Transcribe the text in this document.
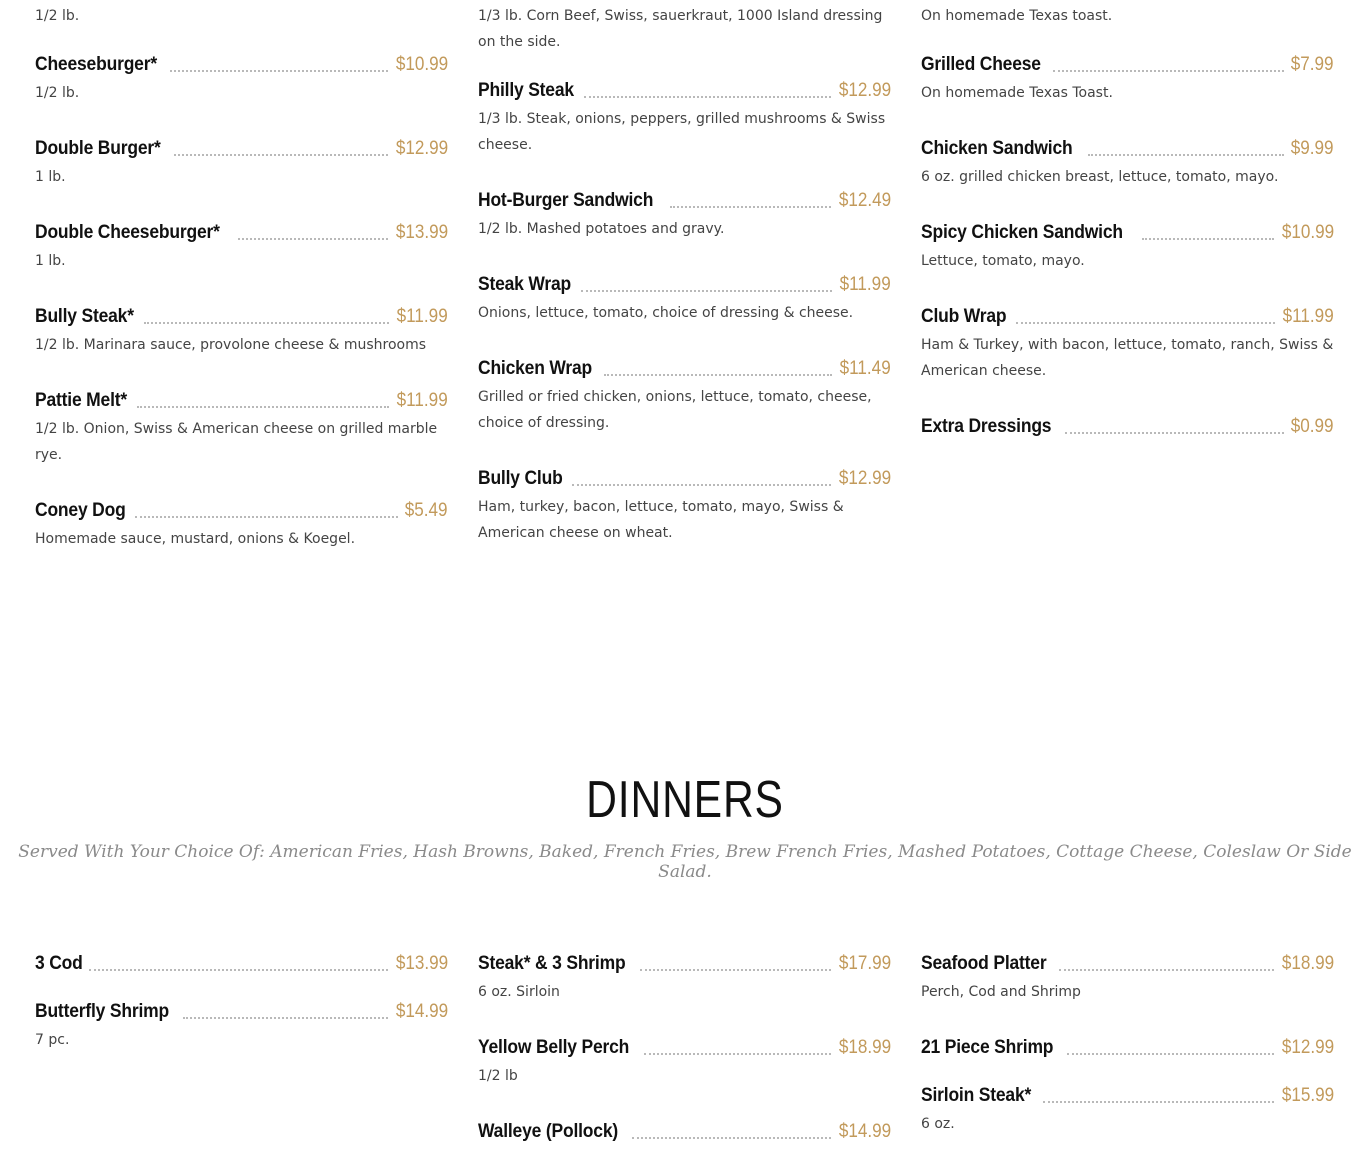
1/2 lb.	1/3 lb. Corn Beef, Swiss, sauerkraut, 1000 Island dressing on the side.
On homemade Texas toast.
Cheeseburger*	$10.99
1/2 lb.
Double Burger*	$12.99
1 lb.
Double Cheeseburger*	$13.99
1 lb.
Bully Steak*	$11.99
1/2 lb. Marinara sauce, provolone cheese & mushrooms
Pattie Melt*	$11.99
1/2 lb. Onion, Swiss & American cheese on grilled marble rye.
Coney Dog	$5.49
Homemade sauce, mustard, onions & Koegel.
Philly Steak	$12.99
1/3 lb. Steak, onions, peppers, grilled mushrooms & Swiss cheese.
Hot-Burger Sandwich	$12.49
1/2 lb. Mashed potatoes and gravy.
Steak Wrap	$11.99
Onions, lettuce, tomato, choice of dressing & cheese.
Chicken Wrap	$11.49
Grilled or fried chicken, onions, lettuce, tomato, cheese, choice of dressing.
Bully Club	$12.99
Ham, turkey, bacon, lettuce, tomato, mayo, Swiss & American cheese on wheat.
Grilled Cheese	$7.99
On homemade Texas Toast.
Chicken Sandwich	$9.99
6 oz. grilled chicken breast, lettuce, tomato, mayo.
Spicy Chicken Sandwich	$10.99
Lettuce, tomato, mayo.
Club Wrap	$11.99
Ham & Turkey, with bacon, lettuce, tomato, ranch, Swiss & American cheese.
Extra Dressings	$0.99
DINNERS
Served With Your Choice Of: American Fries, Hash Browns, Baked, French Fries, Brew French Fries, Mashed Potatoes, Cottage Cheese, Coleslaw Or Side Salad.
3 Cod	$13.99
Butterfly Shrimp	$14.99
7 pc.
Steak* & 3 Shrimp	$17.99
6 oz. Sirloin
Yellow Belly Perch	$18.99
1/2 lb
Walleye (Pollock)	$14.99
Seafood Platter	$18.99
Perch, Cod and Shrimp
21 Piece Shrimp	$12.99
Sirloin Steak*	$15.99
6 oz.
